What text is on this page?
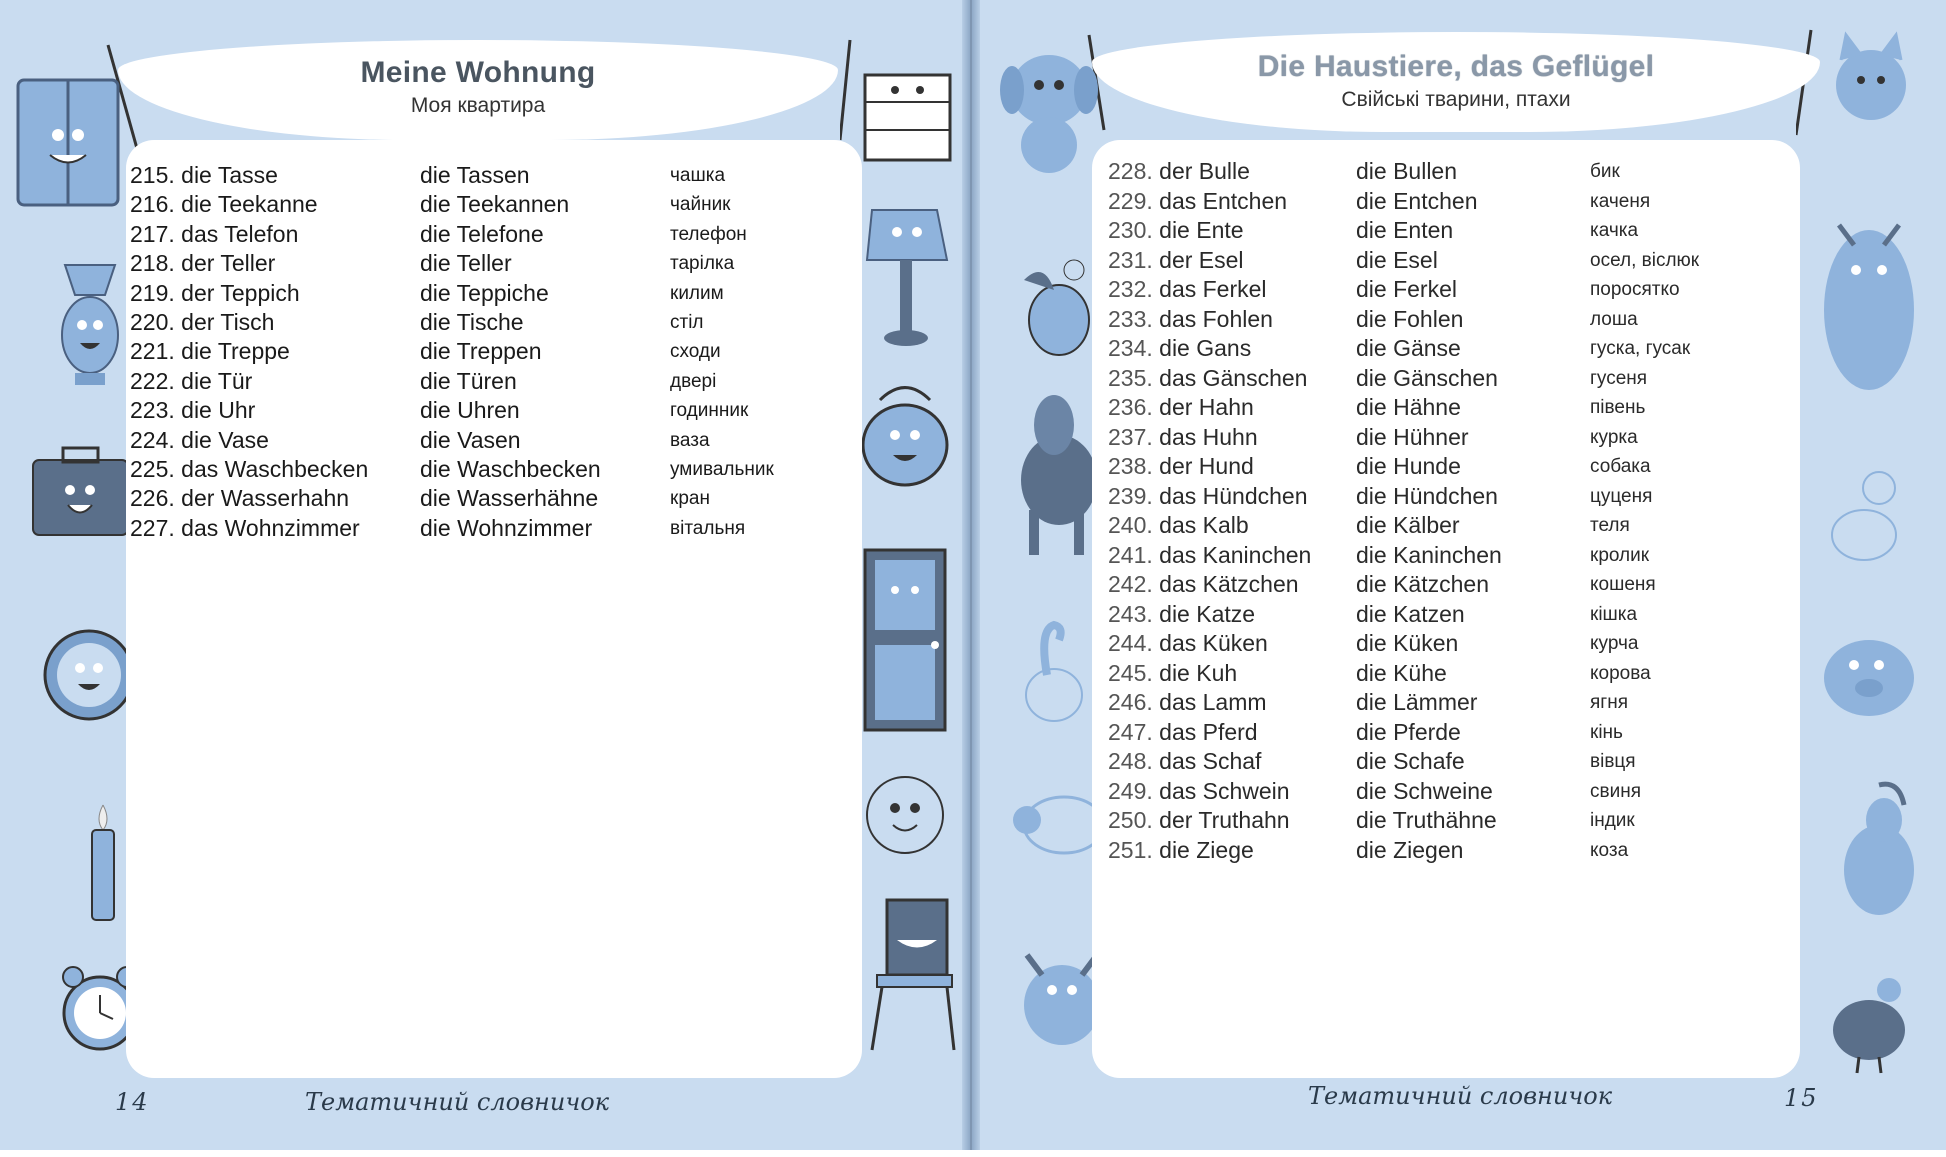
Meine Wohnung
Моя квартира
215. die Tasse	die Tassen	чашка
216. die Teekanne	die Teekannen	чайник
217. das Telefon	die Telefone	телефон
218. der Teller	die Teller	тарілка
219. der Teppich	die Teppiche	килим
220. der Tisch	die Tische	стіл
221. die Treppe	die Treppen	сходи
222. die Tür	die Türen	двері
223. die Uhr	die Uhren	годинник
224. die Vase	die Vasen	ваза
225. das Waschbecken die Waschbecken	умивальник
226. der Wasserhahn	die Wasserhähne	кран
227. das Wohnzimmer	die Wohnzimmer	вітальня
14	Тематичний словничок
Die Haustiere, das Geflügel
Свійські тварини, птахи
228. der Bulle	die Bullen	бик
229. das Entchen	die Entchen	каченя
230. die Ente	die Enten	качка
231. der Esel	die Esel	осел, віслюк
232. das Ferkel	die Ferkel	поросятко
233. das Fohlen	die Fohlen	лоша
234. die Gans	die Gänse	гуска, гусак
235. das Gänschen die Gänschen	гусеня
236. der Hahn	die Hähne	півень
237. das Huhn	die Hühner	курка
238. der Hund	die Hunde	собака
239. das Hündchen die Hündchen	цуценя
240. das Kalb	die Kälber	теля
241. das Kaninchen die Kaninchen	кролик
242. das Kätzchen die Kätzchen	кошеня
243. die Katze	die Katzen	кішка
244. das Küken	die Küken	курча
245. die Kuh	die Kühe	корова
246. das Lamm	die Lämmer	ягня
247. das Pferd	die Pferde	кінь
248. das Schaf	die Schafe	вівця
249. das Schwein	die Schweine	свиня
250. der Truthahn	die Truthähne	індик
251. die Ziege	die Ziegen	коза
Тематичний словничок	15
